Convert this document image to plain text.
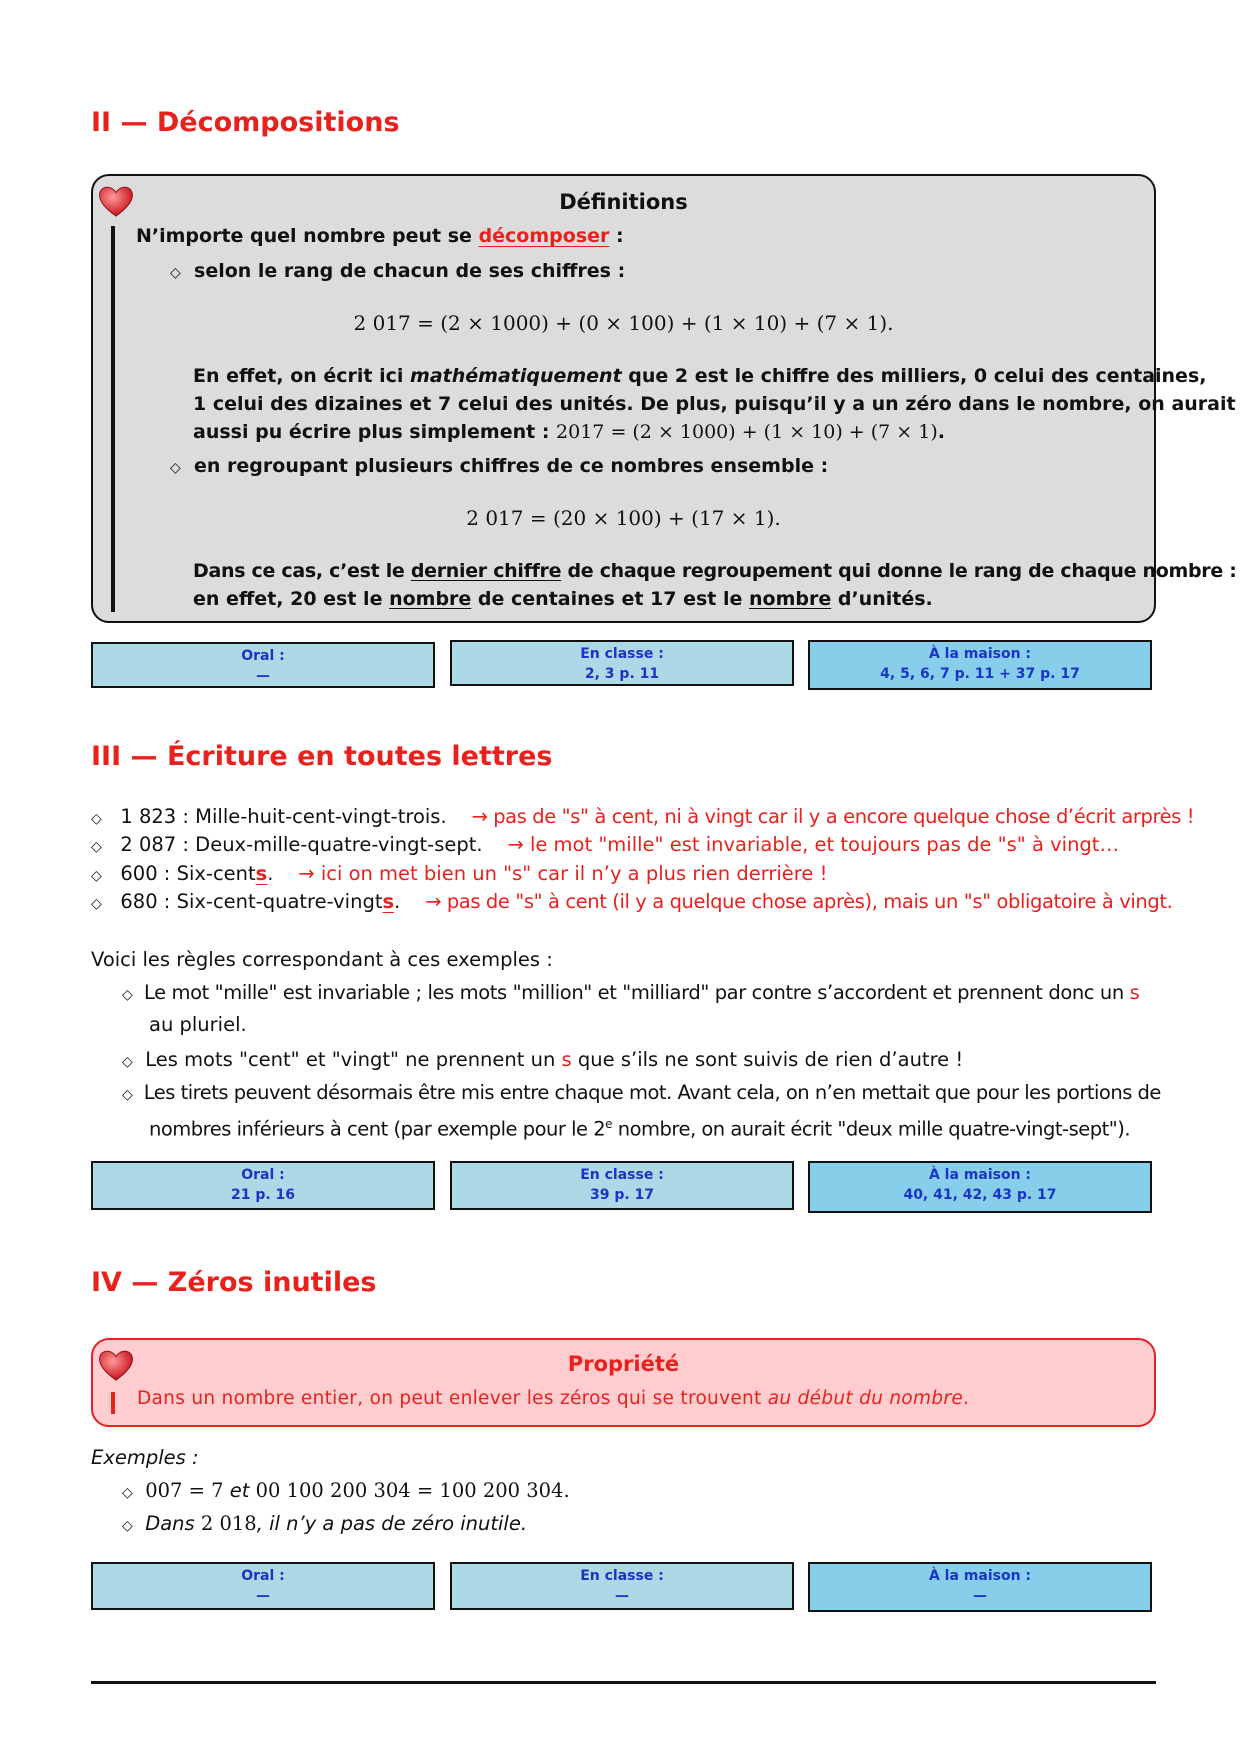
II — Décompositions
Définitions
N’importe quel nombre peut se décomposer :
◇ selon le rang de chacun de ses chiffres :
2 017 = (2 × 1000) + (0 × 100) + (1 × 10) + (7 × 1).
En effet, on écrit ici mathématiquement que 2 est le chiffre des milliers, 0 celui des centaines,
1 celui des dizaines et 7 celui des unités. De plus, puisqu’il y a un zéro dans le nombre, on aurait
aussi pu écrire plus simplement : 2017 = (2 × 1000) + (1 × 10) + (7 × 1).
◇ en regroupant plusieurs chiffres de ce nombres ensemble :
2 017 = (20 × 100) + (17 × 1).
Dans ce cas, c’est le dernier chiffre de chaque regroupement qui donne le rang de chaque nombre :
en effet, 20 est le nombre de centaines et 17 est le nombre d’unités.
Oral :
—
En classe :
2, 3 p. 11
À la maison :
4, 5, 6, 7 p. 11 + 37 p. 17
III — Écriture en toutes lettres
◇ 1 823 : Mille-huit-cent-vingt-trois. → pas de "s" à cent, ni à vingt car il y a encore quelque chose d’écrit arprès !
◇ 2 087 : Deux-mille-quatre-vingt-sept. → le mot "mille" est invariable, et toujours pas de "s" à vingt…
◇ 600 : Six-cents. → ici on met bien un "s" car il n’y a plus rien derrière !
◇ 680 : Six-cent-quatre-vingts. → pas de "s" à cent (il y a quelque chose après), mais un "s" obligatoire à vingt.
Voici les règles correspondant à ces exemples :
◇ Le mot "mille" est invariable ; les mots "million" et "milliard" par contre s’accordent et prennent donc un s
au pluriel.
◇ Les mots "cent" et "vingt" ne prennent un s que s’ils ne sont suivis de rien d’autre !
◇ Les tirets peuvent désormais être mis entre chaque mot. Avant cela, on n’en mettait que pour les portions de
nombres inférieurs à cent (par exemple pour le 2e nombre, on aurait écrit "deux mille quatre-vingt-sept").
Oral :
21 p. 16
En classe :
39 p. 17
À la maison :
40, 41, 42, 43 p. 17
IV — Zéros inutiles
Propriété
Dans un nombre entier, on peut enlever les zéros qui se trouvent au début du nombre.
Exemples :
◇ 007 = 7 et 00 100 200 304 = 100 200 304.
◇ Dans 2 018, il n’y a pas de zéro inutile.
Oral :
—
En classe :
—
À la maison :
—
